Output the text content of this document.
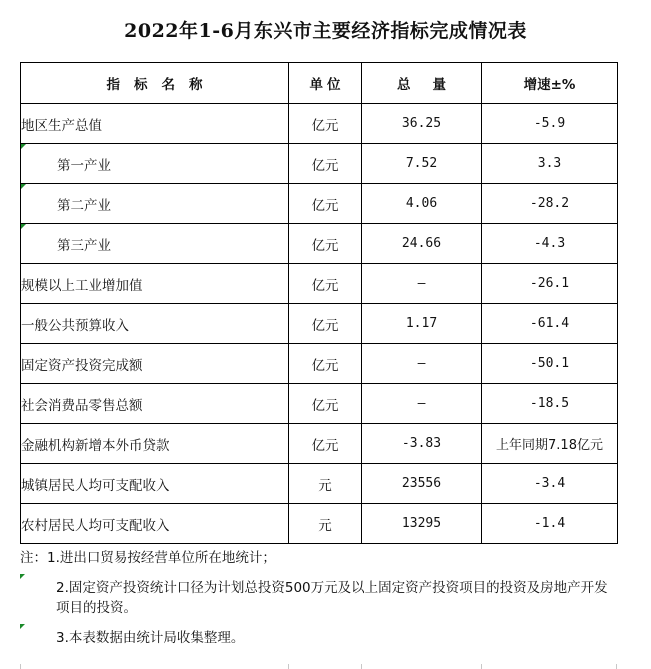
2022年1-6月东兴市主要经济指标完成情况表
指标名称	单位	总量	增速±%
地区生产总值	亿元	36.25	-5.9

第一产业	亿元	7.52	3.3

第二产业	亿元	4.06	-28.2

第三产业	亿元	24.66	-4.3
规模以上工业增加值	亿元	—	-26.1
一般公共预算收入	亿元	1.17	-61.4
固定资产投资完成额	亿元	—	-50.1
社会消费品零售总额	亿元	—	-18.5
金融机构新增本外币贷款	亿元	-3.83	上年同期7.18亿元
城镇居民人均可支配收入	元	23556	-3.4
农村居民人均可支配收入	元	13295	-1.4
注：1.进出口贸易按经营单位所在地统计；
2.固定资产投资统计口径为计划总投资500万元及以上固定资产投资项目的投资及房地产开发项目的投资。
3.本表数据由统计局收集整理。
